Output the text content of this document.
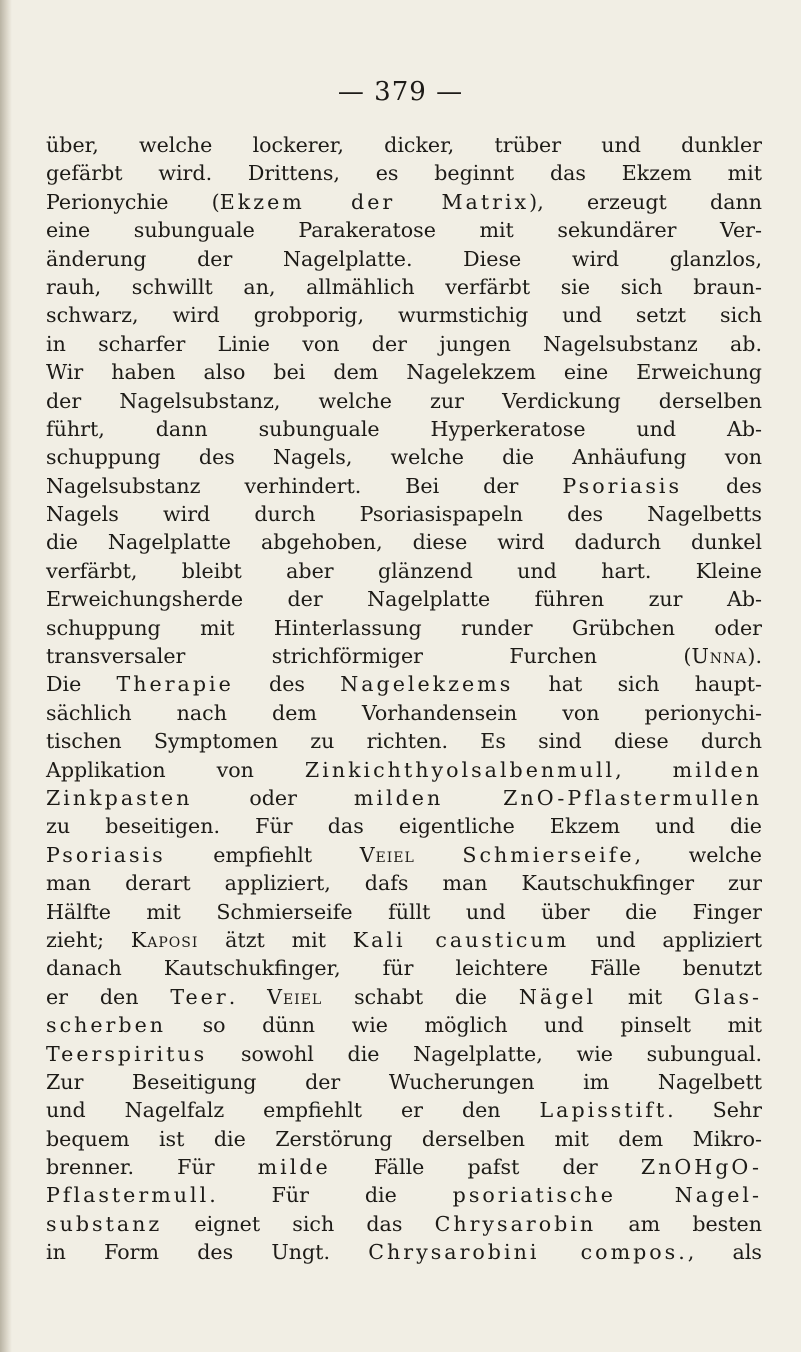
— 379 —
über, welche lockerer, dicker, trüber und dunkler
gefärbt wird. Drittens, es beginnt das Ekzem mit
Perionychie (Ekzem der Matrix), erzeugt dann
eine subunguale Parakeratose mit sekundärer Ver-
änderung der Nagelplatte. Diese wird glanzlos,
rauh, schwillt an, allmählich verfärbt sie sich braun-
schwarz, wird grobporig, wurmstichig und setzt sich
in scharfer Linie von der jungen Nagelsubstanz ab.
Wir haben also bei dem Nagelekzem eine Erweichung
der Nagelsubstanz, welche zur Verdickung derselben
führt, dann subunguale Hyperkeratose und Ab-
schuppung des Nagels, welche die Anhäufung von
Nagelsubstanz verhindert. Bei der Psoriasis des
Nagels wird durch Psoriasispapeln des Nagelbetts
die Nagelplatte abgehoben, diese wird dadurch dunkel
verfärbt, bleibt aber glänzend und hart. Kleine
Erweichungsherde der Nagelplatte führen zur Ab-
schuppung mit Hinterlassung runder Grübchen oder
transversaler strichförmiger Furchen (Unna).
Die Therapie des Nagelekzems hat sich haupt-
sächlich nach dem Vorhandensein von perionychi-
tischen Symptomen zu richten. Es sind diese durch
Applikation von Zinkichthyolsalbenmull, milden
Zinkpasten oder milden ZnO-Pflastermullen
zu beseitigen. Für das eigentliche Ekzem und die
Psoriasis empfiehlt Veiel Schmierseife, welche
man derart appliziert, dafs man Kautschukfinger zur
Hälfte mit Schmierseife füllt und über die Finger
zieht; Kaposi ätzt mit Kali causticum und appliziert
danach Kautschukfinger, für leichtere Fälle benutzt
er den Teer. Veiel schabt die Nägel mit Glas-
scherben so dünn wie möglich und pinselt mit
Teerspiritus sowohl die Nagelplatte, wie subungual.
Zur Beseitigung der Wucherungen im Nagelbett
und Nagelfalz empfiehlt er den Lapisstift. Sehr
bequem ist die Zerstörung derselben mit dem Mikro-
brenner. Für milde Fälle pafst der ZnOHgO-
Pflastermull. Für die psoriatische Nagel-
substanz eignet sich das Chrysarobin am besten
in Form des Ungt. Chrysarobini compos., als
